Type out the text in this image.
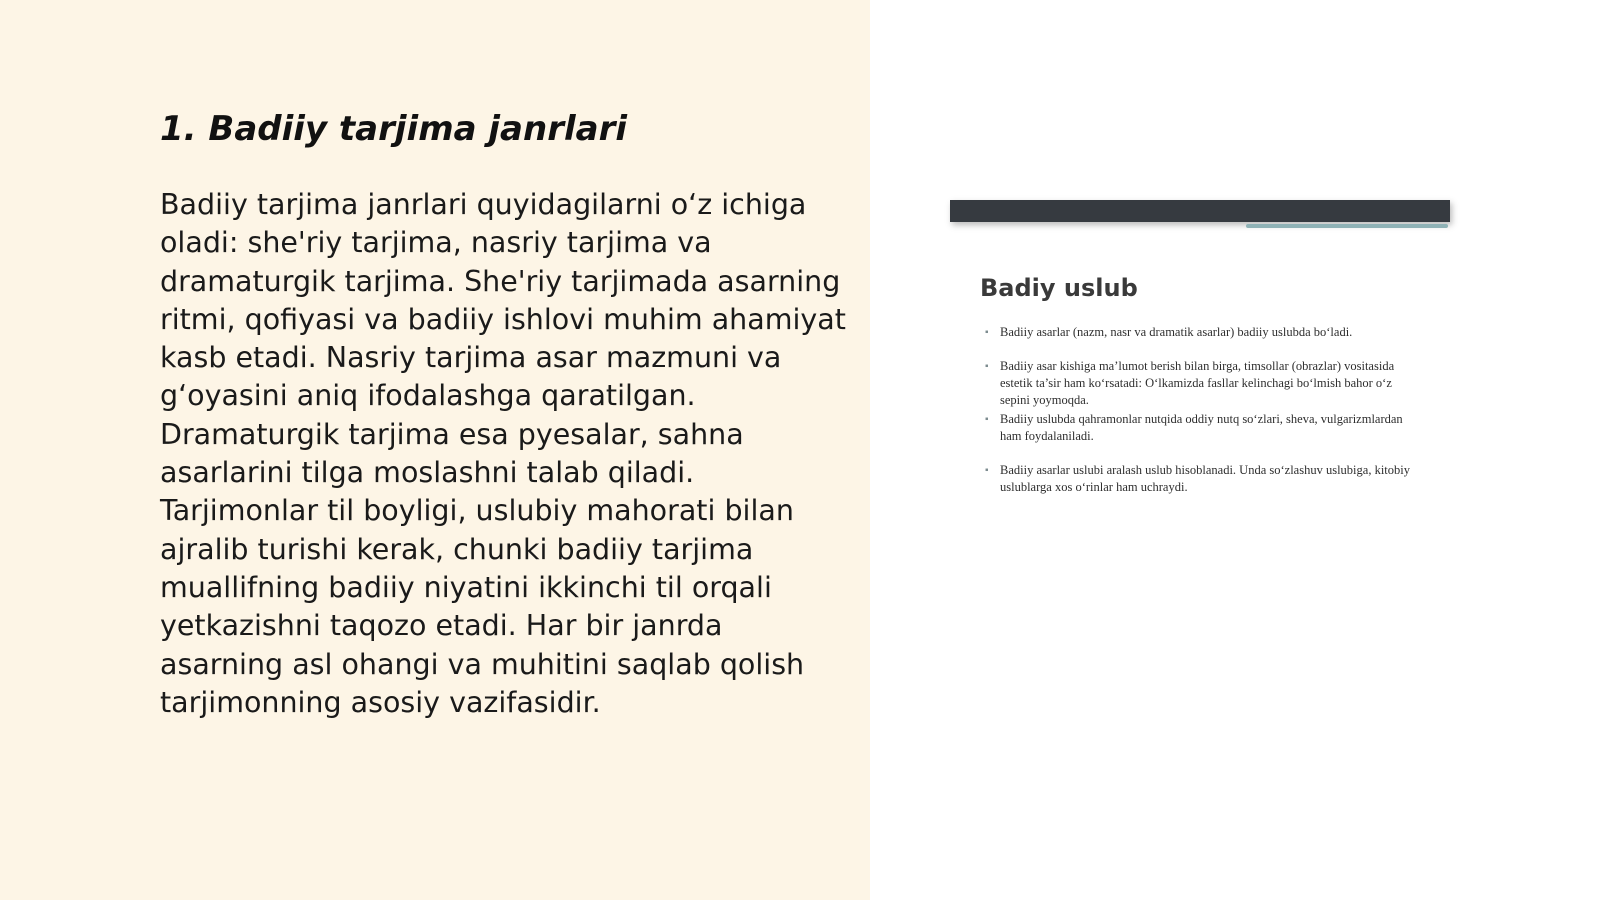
1. Badiiy tarjima janrlari

Badiiy tarjima janrlari quyidagilarni o‘z ichiga oladi: she'riy tarjima, nasriy tarjima va dramaturgik tarjima. She'riy tarjimada asarning ritmi, qofiyasi va badiiy ishlovi muhim ahamiyat kasb etadi. Nasriy tarjima asar mazmuni va g‘oyasini aniq ifodalashga qaratilgan. Dramaturgik tarjima esa pyesalar, sahna asarlarini tilga moslashni talab qiladi. Tarjimonlar til boyligi, uslubiy mahorati bilan ajralib turishi kerak, chunki badiiy tarjima muallifning badiiy niyatini ikkinchi til orqali yetkazishni taqozo etadi. Har bir janrda asarning asl ohangi va muhitini saqlab qolish tarjimonning asosiy vazifasidir.

Badiy uslub
▪ Badiiy asarlar (nazm, nasr va dramatik asarlar) badiiy uslubda bo‘ladi.
▪ Badiiy asar kishiga ma’lumot berish bilan birga, timsollar (obrazlar) vositasida estetik ta’sir ham ko‘rsatadi: O‘lkamizda fasllar kelinchagi bo‘lmish bahor o‘z sepini yoymoqda.
▪ Badiiy uslubda qahramonlar nutqida oddiy nutq so‘zlari, sheva, vulgarizmlardan ham foydalaniladi.
▪ Badiiy asarlar uslubi aralash uslub hisoblanadi. Unda so‘zlashuv uslubiga, kitobiy uslublarga xos o‘rinlar ham uchraydi.
